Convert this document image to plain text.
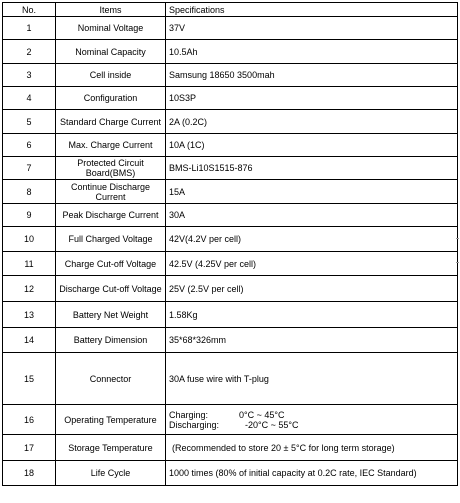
No.	Items	Specifications
1	Nominal Voltage	37V
2	Nominal Capacity	10.5Ah
3	Cell inside	Samsung 18650 3500mah
4	Configuration	10S3P
5	Standard Charge Current	2A (0.2C)
6	Max. Charge Current	10A (1C)
7	Protected Circuit Board(BMS)	BMS-Li10S1515-876
8	Continue Discharge Current	15A
9	Peak Discharge Current	30A
10	Full Charged Voltage	42V(4.2V per cell)
11	Charge Cut-off Voltage	42.5V (4.25V per cell)
12	Discharge Cut-off Voltage	25V (2.5V per cell)
13	Battery Net Weight	1.58Kg
14	Battery Dimension	35*68*326mm
15	Connector	30A fuse wire with T-plug
16	Operating Temperature	Charging: 0°C ~ 45°C
Discharging: -20°C ~ 55°C

17	Storage Temperature	(Recommended to store 20 ± 5°C for long term storage)
18	Life Cycle	1000 times (80% of initial capacity at 0.2C rate, IEC Standard)
